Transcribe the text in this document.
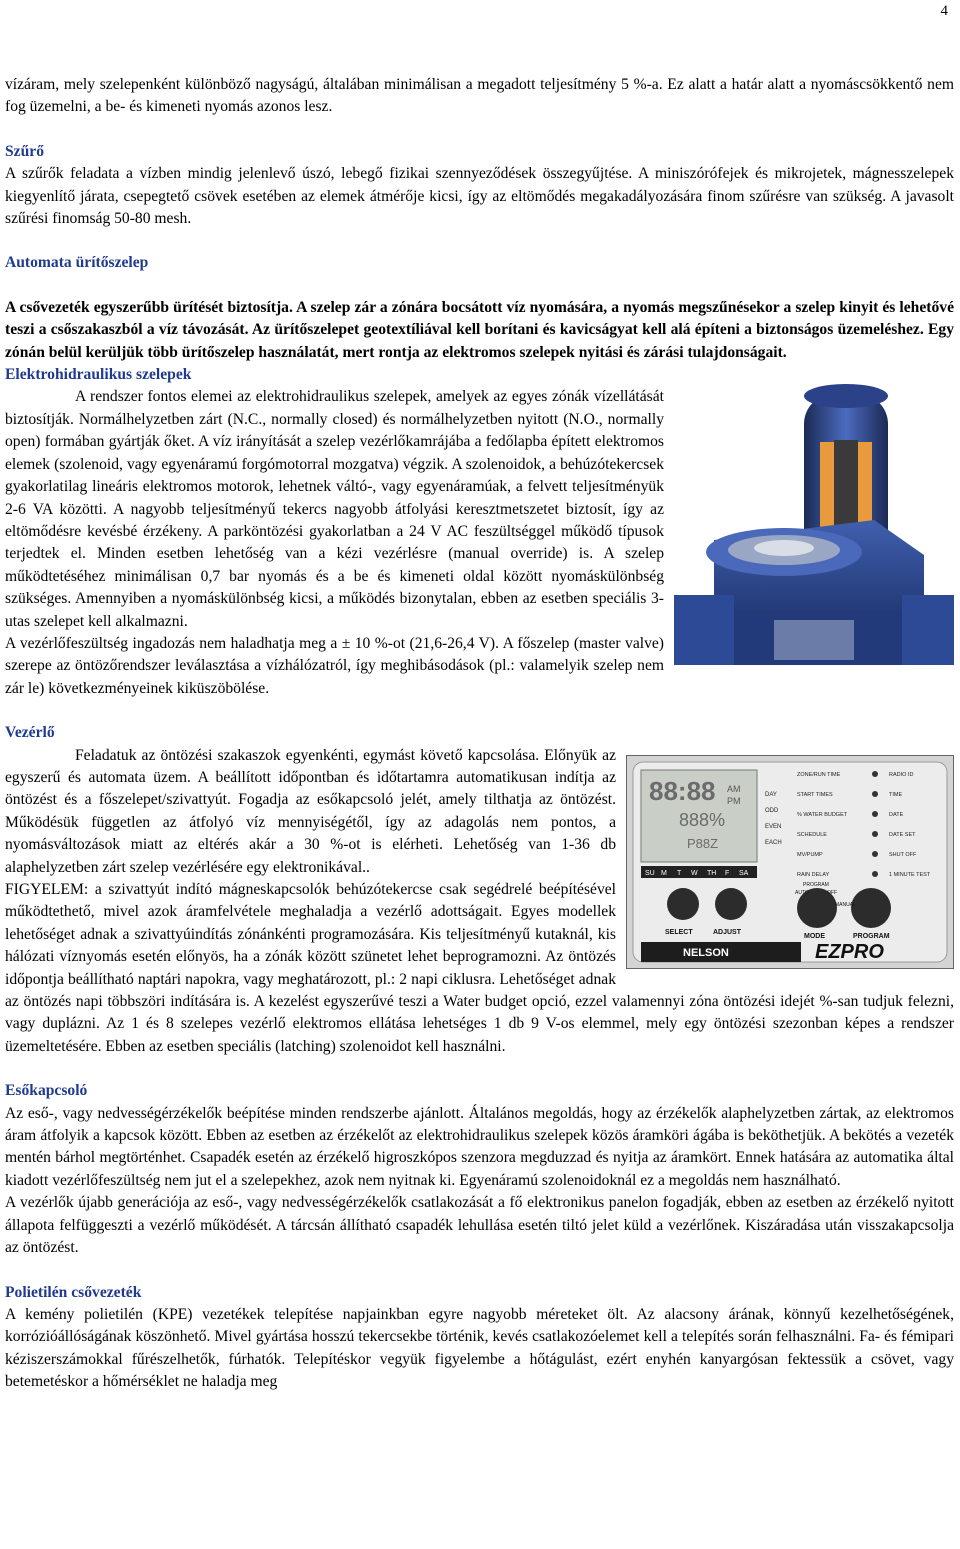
4

vízáram, mely szelepenként különböző nagyságú, általában minimálisan a megadott teljesítmény 5 %-a. Ez alatt a határ alatt a nyomáscsökkentő nem fog üzemelni, a be- és kimeneti nyomás azonos lesz.

Szűrő

A szűrők feladata a vízben mindig jelenlevő úszó, lebegő fizikai szennyeződések összegyűjtése. A miniszórófejek és mikrojetek, mágnesszelepek kiegyenlítő járata, csepegtető csövek esetében az elemek átmérője kicsi, így az eltömődés megakadályozására finom szűrésre van szükség. A javasolt szűrési finomság 50-80 mesh.

Automata ürítőszelep

A csővezeték egyszerűbb ürítését biztosítja. A szelep zár a zónára bocsátott víz nyomására, a nyomás megszűnésekor a szelep kinyit és lehetővé teszi a csőszakaszból a víz távozását. Az ürítőszelepet geotextíliával kell borítani és kavicságyat kell alá építeni a biztonságos üzemeléshez. Egy zónán belül kerüljük több ürítőszelep használatát, mert rontja az elektromos szelepek nyitási és zárási tulajdonságait.

Elektrohidraulikus szelepek

A rendszer fontos elemei az elektrohidraulikus szelepek, amelyek az egyes zónák vízellátását biztosítják. Normálhelyzetben zárt (N.C., normally closed) és normálhelyzetben nyitott (N.O., normally open) formában gyártják őket. A víz irányítását a szelep vezérlőkamrájába a fedőlapba épített elektromos elemek (szolenoid, vagy egyenáramú forgómotorral mozgatva) végzik. A szolenoidok, a behúzótekercsek gyakorlatilag lineáris elektromos motorok, lehetnek váltó-, vagy egyenáramúak, a felvett teljesítményük 2-6 VA közötti. A nagyobb teljesítményű tekercs nagyobb átfolyási keresztmetszetet biztosít, így az eltömődésre kevésbé érzékeny. A parköntözési gyakorlatban a 24 V AC feszültséggel működő típusok terjedtek el. Minden esetben lehetőség van a kézi vezérlésre (manual override) is. A szelep működtetéséhez minimálisan 0,7 bar nyomás és a be és kimeneti oldal között nyomáskülönbség szükséges. Amennyiben a nyomáskülönbség kicsi, a működés bizonytalan, ebben az esetben speciális 3-utas szelepet kell alkalmazni.

A vezérlőfeszültség ingadozás nem haladhatja meg a ± 10 %-ot (21,6-26,4 V). A főszelep (master valve) szerepe az öntözőrendszer leválasztása a vízhálózatról, így meghibásodások (pl.: valamelyik szelep nem zár le) következményeinek kiküszöbölése.

Vezérlő

88:88 AM
PM
888%
P88Z
DAY
ODD
EVEN
EACH
ZONE/RUN TIME
START TIMES
% WATER BUDGET
SCHEDULE
MV/PUMP
RAIN DELAY
RADIO ID
TIME
DATE
DATE SET
SHUT OFF
1 MINUTE TEST
SU M T W TH F SA
SELECT	ADJUST
MODE	PROGRAM
PROGRAM
AUTO	OFF
MANUAL
NELSON	EZPRO

Feladatuk az öntözési szakaszok egyenkénti, egymást követő kapcsolása. Előnyük az egyszerű és automata üzem. A beállított időpontban és időtartamra automatikusan indítja az öntözést és a főszelepet/szivattyút. Fogadja az esőkapcsoló jelét, amely tilthatja az öntözést. Működésük független az átfolyó víz mennyiségétől, így az adagolás nem pontos, a nyomásváltozások miatt az eltérés akár a 30 %-ot is elérheti. Lehetőség van 1-36 db alaphelyzetben zárt szelep vezérlésére egy elektronikával..

FIGYELEM: a szivattyút indító mágneskapcsolók behúzótekercse csak segédrelé beépítésével működtethető, mivel azok áramfelvétele meghaladja a vezérlő adottságait. Egyes modellek lehetőséget adnak a szivattyúindítás zónánkénti programozására. Kis teljesítményű kutaknál, kis hálózati víznyomás esetén előnyös, ha a zónák között szünetet lehet beprogramozni. Az öntözés időpontja beállítható naptári napokra, vagy meghatározott, pl.: 2 napi ciklusra. Lehetőséget adnak az öntözés napi többszöri indítására is. A kezelést egyszerűvé teszi a Water budget opció, ezzel valamennyi zóna öntözési idejét %-san tudjuk felezni, vagy duplázni. Az 1 és 8 szelepes vezérlő elektromos ellátása lehetséges 1 db 9 V-os elemmel, mely egy öntözési szezonban képes a rendszer üzemeltetésére. Ebben az esetben speciális (latching) szolenoidot kell használni.

Esőkapcsoló

Az eső-, vagy nedvességérzékelők beépítése minden rendszerbe ajánlott. Általános megoldás, hogy az érzékelők alaphelyzetben zártak, az elektromos áram átfolyik a kapcsok között. Ebben az esetben az érzékelőt az elektrohidraulikus szelepek közös áramköri ágába is beköthetjük. A bekötés a vezeték mentén bárhol megtörténhet. Csapadék esetén az érzékelő higroszkópos szenzora megduzzad és nyitja az áramkört. Ennek hatására az automatika által kiadott vezérlőfeszültség nem jut el a szelepekhez, azok nem nyitnak ki. Egyenáramú szolenoidoknál ez a megoldás nem használható.

A vezérlők újabb generációja az eső-, vagy nedvességérzékelők csatlakozását a fő elektronikus panelon fogadják, ebben az esetben az érzékelő nyitott állapota felfüggeszti a vezérlő működését. A tárcsán állítható csapadék lehullása esetén tiltó jelet küld a vezérlőnek. Kiszáradása után visszakapcsolja az öntözést.

Polietilén csővezeték

A kemény polietilén (KPE) vezetékek telepítése napjainkban egyre nagyobb méreteket ölt. Az alacsony árának, könnyű kezelhetőségének, korrózióállóságának köszönhető. Mivel gyártása hosszú tekercsekbe történik, kevés csatlakozóelemet kell a telepítés során felhasználni. Fa- és fémipari kéziszerszámokkal fűrészelhetők, fúrhatók. Telepítéskor vegyük figyelembe a hőtágulást, ezért enyhén kanyargósan fektessük a csövet, vagy betemetéskor a hőmérséklet ne haladja meg
